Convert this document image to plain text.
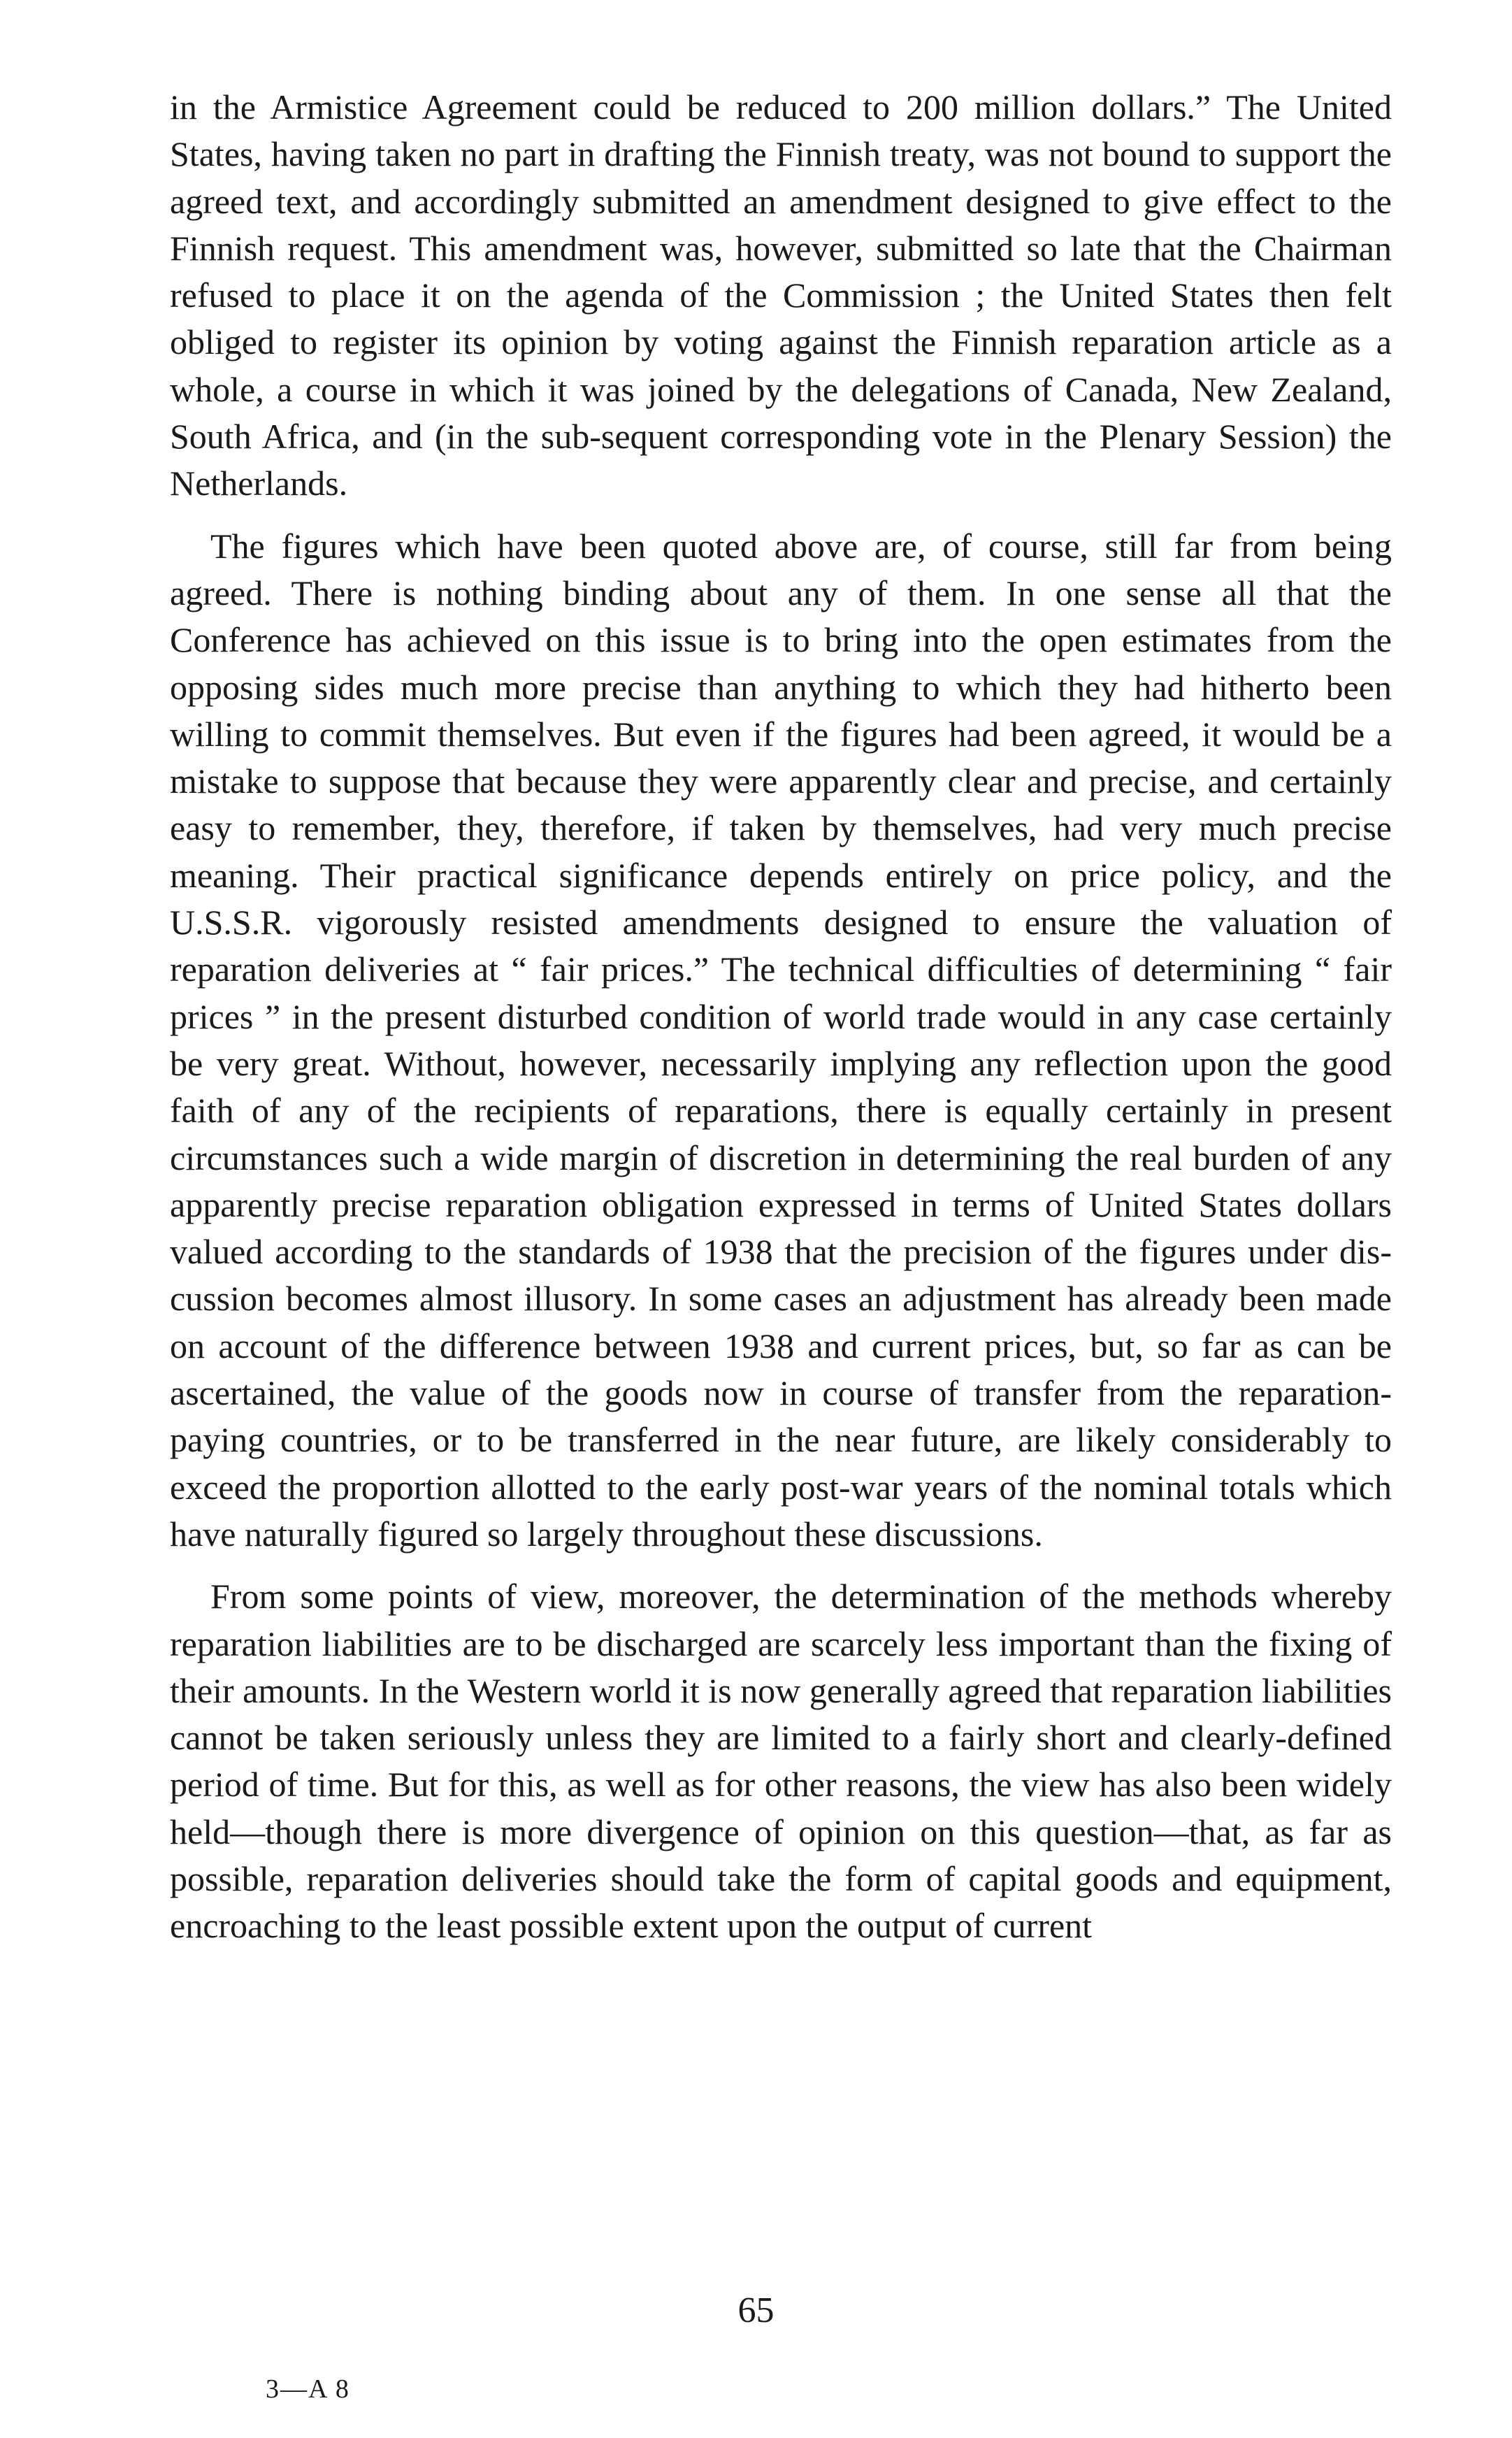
in the Armistice Agreement could be reduced to 200 million dollars.” The United States, having taken no part in drafting the Finnish treaty, was not bound to support the agreed text, and accordingly submitted an amendment designed to give effect to the Finnish request. This amendment was, however, submitted so late that the Chairman refused to place it on the agenda of the Commission ; the United States then felt obliged to register its opinion by voting against the Finnish reparation article as a whole, a course in which it was joined by the delegations of Canada, New Zealand, South Africa, and (in the sub-sequent corresponding vote in the Plenary Session) the Netherlands.

The figures which have been quoted above are, of course, still far from being agreed. There is nothing binding about any of them. In one sense all that the Conference has achieved on this issue is to bring into the open estimates from the opposing sides much more precise than anything to which they had hitherto been willing to commit themselves. But even if the figures had been agreed, it would be a mistake to suppose that because they were apparently clear and precise, and certainly easy to remember, they, therefore, if taken by themselves, had very much precise meaning. Their practical significance depends entirely on price policy, and the U.S.S.R. vigorously resisted amendments designed to ensure the valuation of reparation deliveries at “ fair prices.” The technical difficulties of determining “ fair prices ” in the present disturbed condition of world trade would in any case certainly be very great. Without, however, necessarily implying any reflection upon the good faith of any of the recipients of reparations, there is equally certainly in present circumstances such a wide margin of discretion in determining the real burden of any apparently precise reparation obligation expressed in terms of United States dollars valued according to the standards of 1938 that the precision of the figures under dis-cussion becomes almost illusory. In some cases an adjustment has already been made on account of the difference between 1938 and current prices, but, so far as can be ascertained, the value of the goods now in course of transfer from the reparation-paying countries, or to be transferred in the near future, are likely considerably to exceed the proportion allotted to the early post-war years of the nominal totals which have naturally figured so largely throughout these discussions.

From some points of view, moreover, the determination of the methods whereby reparation liabilities are to be discharged are scarcely less important than the fixing of their amounts. In the Western world it is now generally agreed that reparation liabilities cannot be taken seriously unless they are limited to a fairly short and clearly-defined period of time. But for this, as well as for other reasons, the view has also been widely held—though there is more divergence of opinion on this question—that, as far as possible, reparation deliveries should take the form of capital goods and equipment, encroaching to the least possible extent upon the output of current

65

3—A 8
